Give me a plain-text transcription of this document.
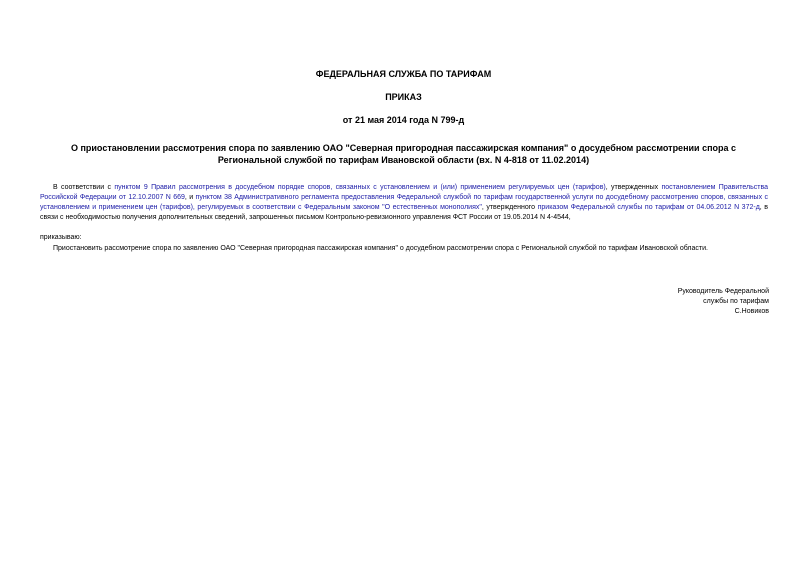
ФЕДЕРАЛЬНАЯ СЛУЖБА ПО ТАРИФАМ
ПРИКАЗ
от 21 мая 2014 года N 799-д
О приостановлении рассмотрения спора по заявлению ОАО "Северная пригородная пассажирская компания" о досудебном рассмотрении спора с Региональной службой по тарифам Ивановской области (вх. N 4-818 от 11.02.2014)
В соответствии с пунктом 9 Правил рассмотрения в досудебном порядке споров, связанных с установлением и (или) применением регулируемых цен (тарифов), утвержденных постановлением Правительства Российской Федерации от 12.10.2007 N 669, и пунктом 38 Административного регламента предоставления Федеральной службой по тарифам государственной услуги по досудебному рассмотрению споров, связанных с установлением и применением цен (тарифов), регулируемых в соответствии с Федеральным законом "О естественных монополиях", утвержденного приказом Федеральной службы по тарифам от 04.06.2012 N 372-д, в связи с необходимостью получения дополнительных сведений, запрошенных письмом Контрольно-ревизионного управления ФСТ России от 19.05.2014 N 4-4544,
приказываю:
Приостановить рассмотрение спора по заявлению ОАО "Северная пригородная пассажирская компания" о досудебном рассмотрении спора с Региональной службой по тарифам Ивановской области.
Руководитель Федеральной
службы по тарифам
С.Новиков
